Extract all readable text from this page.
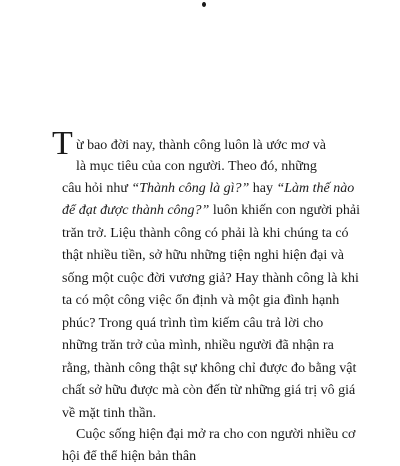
T ừ bao đời nay, thành công luôn là ước mơ và
là mục tiêu của con người. Theo đó, những
câu hỏi như “Thành công là gì?” hay “Làm thế nào
để đạt được thành công?” luôn khiến con người phải
trăn trở. Liệu thành công có phải là khi chúng ta có
thật nhiều tiền, sở hữu những tiện nghi hiện đại và
sống một cuộc đời vương giả? Hay thành công là khi
ta có một công việc ổn định và một gia đình hạnh
phúc? Trong quá trình tìm kiếm câu trả lời cho
những trăn trở của mình, nhiều người đã nhận ra
rằng, thành công thật sự không chỉ được đo bằng vật
chất sở hữu được mà còn đến từ những giá trị vô giá
về mặt tinh thần.
Cuộc sống hiện đại mở ra cho con người nhiều cơ
hội để thể hiện bản thân
